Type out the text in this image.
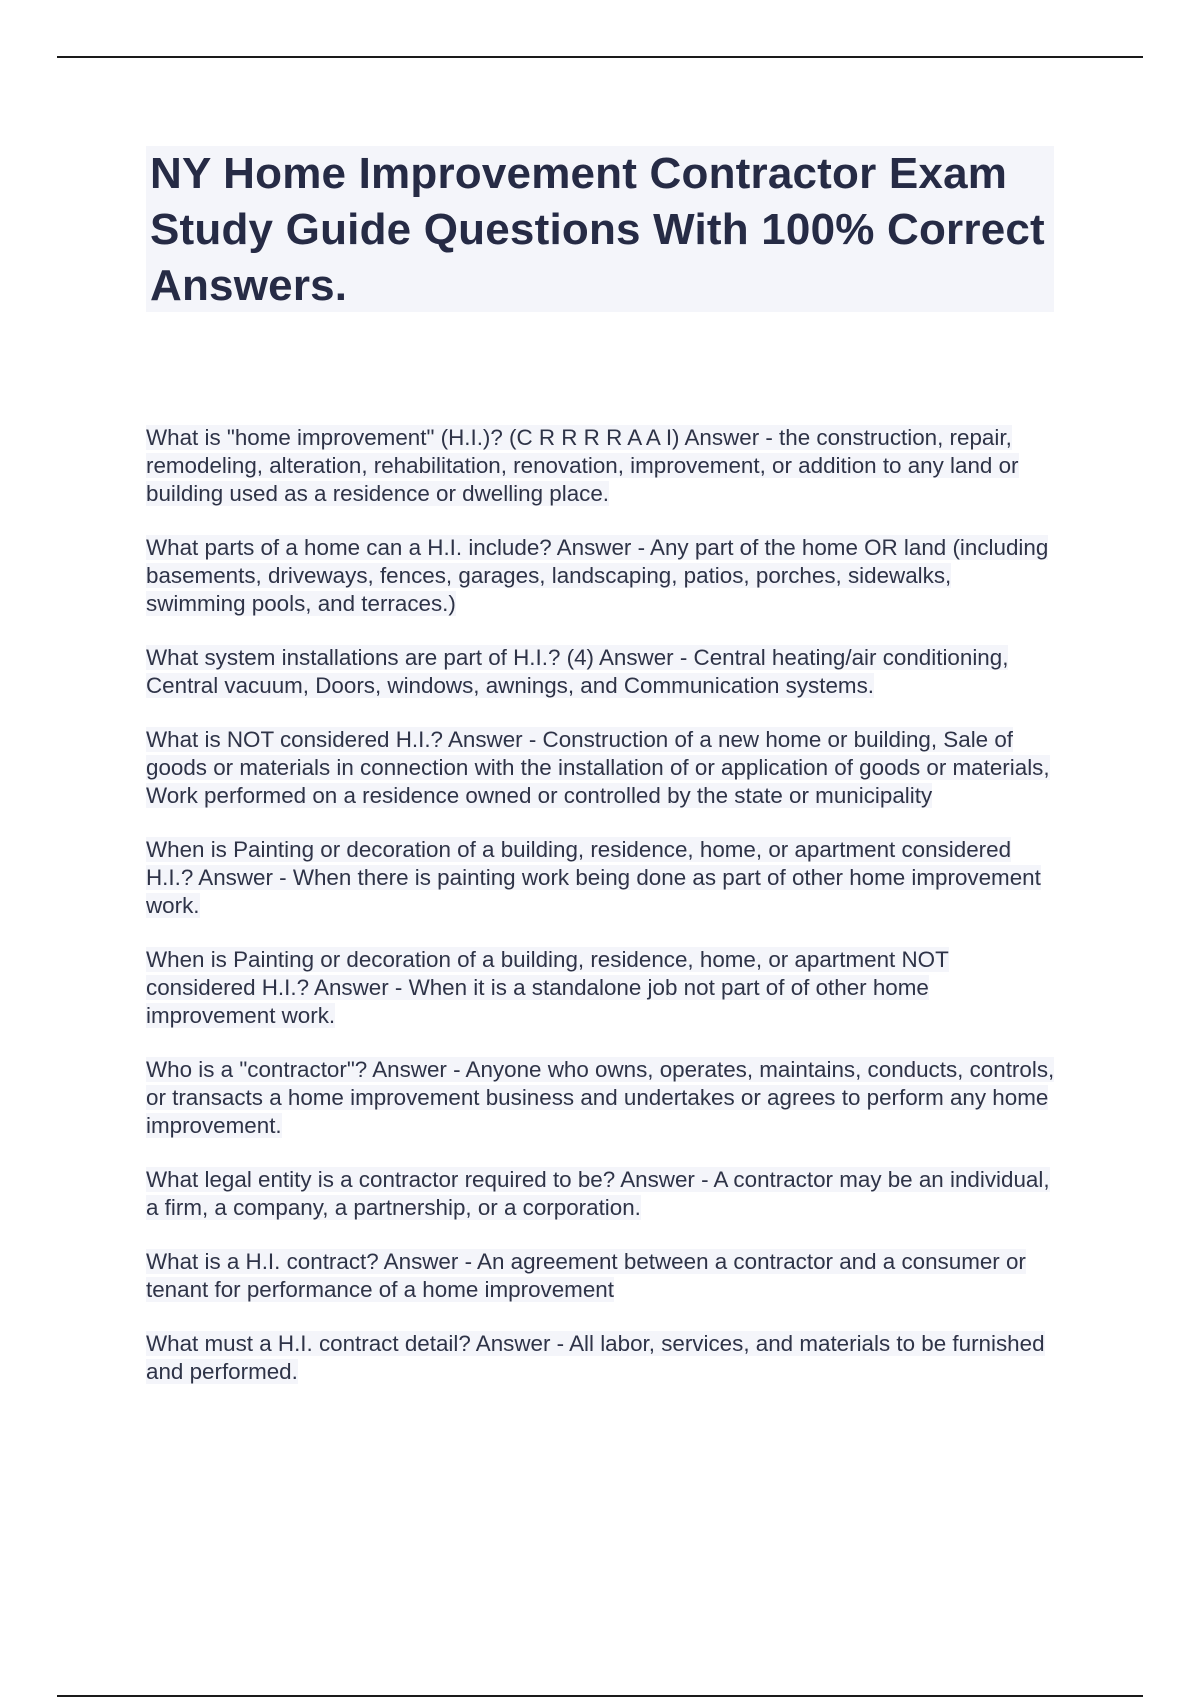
NY Home Improvement Contractor Exam Study Guide Questions With 100% Correct Answers.

What is "home improvement" (H.I.)? (C R R R R A A I) Answer - the construction, repair, remodeling, alteration, rehabilitation, renovation, improvement, or addition to any land or building used as a residence or dwelling place.

What parts of a home can a H.I. include? Answer - Any part of the home OR land (including basements, driveways, fences, garages, landscaping, patios, porches, sidewalks, swimming pools, and terraces.)

What system installations are part of H.I.? (4) Answer - Central heating/air conditioning, Central vacuum, Doors, windows, awnings, and Communication systems.

What is NOT considered H.I.? Answer - Construction of a new home or building, Sale of goods or materials in connection with the installation of or application of goods or materials, Work performed on a residence owned or controlled by the state or municipality

When is Painting or decoration of a building, residence, home, or apartment considered H.I.? Answer - When there is painting work being done as part of other home improvement work.

When is Painting or decoration of a building, residence, home, or apartment NOT considered H.I.? Answer - When it is a standalone job not part of of other home improvement work.

Who is a "contractor"? Answer - Anyone who owns, operates, maintains, conducts, controls, or transacts a home improvement business and undertakes or agrees to perform any home improvement.

What legal entity is a contractor required to be? Answer - A contractor may be an individual, a firm, a company, a partnership, or a corporation.

What is a H.I. contract? Answer - An agreement between a contractor and a consumer or tenant for performance of a home improvement

What must a H.I. contract detail? Answer - All labor, services, and materials to be furnished and performed.
